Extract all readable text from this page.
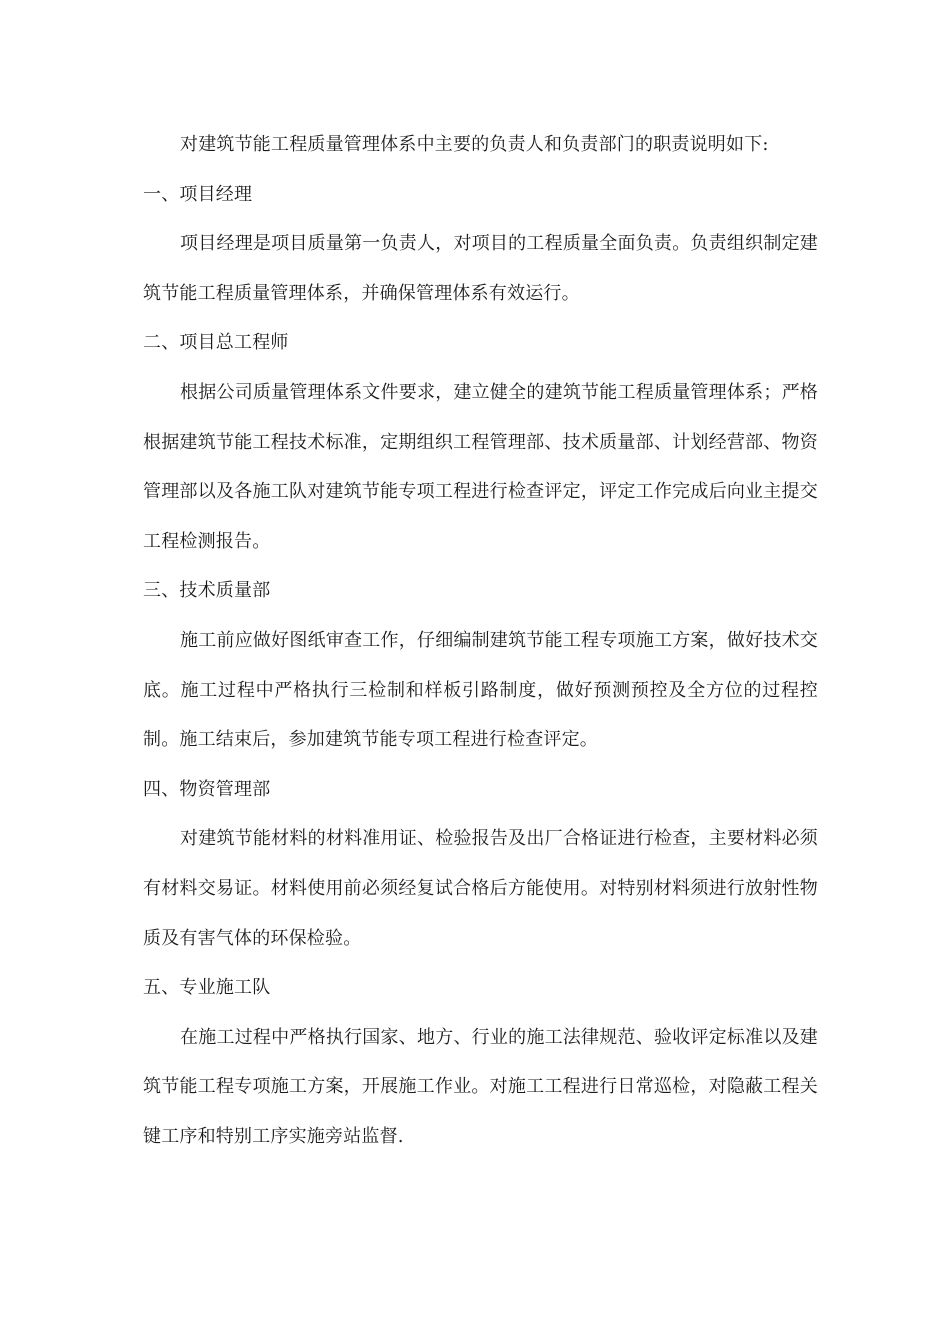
对建筑节能工程质量管理体系中主要的负责人和负责部门的职责说明如下:

一、项目经理

项目经理是项目质量第一负责人，对项目的工程质量全面负责。负责组织制定建筑节能工程质量管理体系，并确保管理体系有效运行。

二、项目总工程师

根据公司质量管理体系文件要求，建立健全的建筑节能工程质量管理体系；严格根据建筑节能工程技术标准，定期组织工程管理部、技术质量部、计划经营部、物资管理部以及各施工队对建筑节能专项工程进行检查评定，评定工作完成后向业主提交工程检测报告。

三、技术质量部

施工前应做好图纸审查工作，仔细编制建筑节能工程专项施工方案，做好技术交底。施工过程中严格执行三检制和样板引路制度，做好预测预控及全方位的过程控制。施工结束后，参加建筑节能专项工程进行检查评定。

四、物资管理部

对建筑节能材料的材料准用证、检验报告及出厂合格证进行检查，主要材料必须有材料交易证。材料使用前必须经复试合格后方能使用。对特别材料须进行放射性物质及有害气体的环保检验。

五、专业施工队

在施工过程中严格执行国家、地方、行业的施工法律规范、验收评定标准以及建筑节能工程专项施工方案，开展施工作业。对施工工程进行日常巡检，对隐蔽工程关键工序和特别工序实施旁站监督.
